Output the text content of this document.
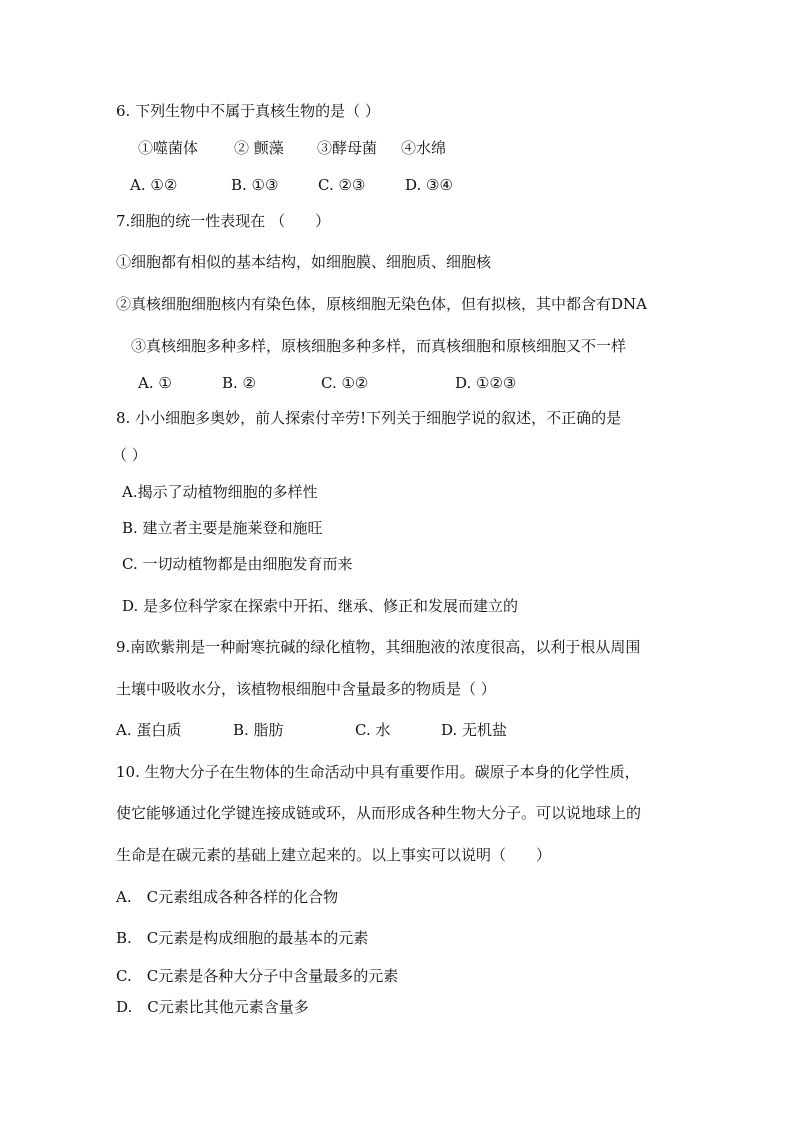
6. 下列生物中不属于真核生物的是（ ）
①噬菌体 ② 颤藻 ③酵母菌 ④水绵
A. ①②	B. ①③	C. ②③	D. ③④
7.细胞的统一性表现在 （　　）
①细胞都有相似的基本结构，如细胞膜、细胞质、细胞核
②真核细胞细胞核内有染色体，原核细胞无染色体，但有拟核，其中都含有DNA
③真核细胞多种多样，原核细胞多种多样，而真核细胞和原核细胞又不一样
A. ①	B. ②	C. ①②	D. ①②③
8. 小小细胞多奥妙，前人探索付辛劳!下列关于细胞学说的叙述，不正确的是
（ ）
A.揭示了动植物细胞的多样性
B. 建立者主要是施莱登和施旺
C. 一切动植物都是由细胞发育而来
D. 是多位科学家在探索中开拓、继承、修正和发展而建立的
9.南欧紫荆是一种耐寒抗碱的绿化植物，其细胞液的浓度很高，以利于根从周围
土壤中吸收水分，该植物根细胞中含量最多的物质是（ ）
A. 蛋白质	B. 脂肪	C. 水	D. 无机盐
10. 生物大分子在生物体的生命活动中具有重要作用。碳原子本身的化学性质，
使它能够通过化学键连接成链或环，从而形成各种生物大分子。可以说地球上的
生命是在碳元素的基础上建立起来的。以上事实可以说明（　　）
A.　C元素组成各种各样的化合物
B.　C元素是构成细胞的最基本的元素
C.　C元素是各种大分子中含量最多的元素
D.　C元素比其他元素含量多
